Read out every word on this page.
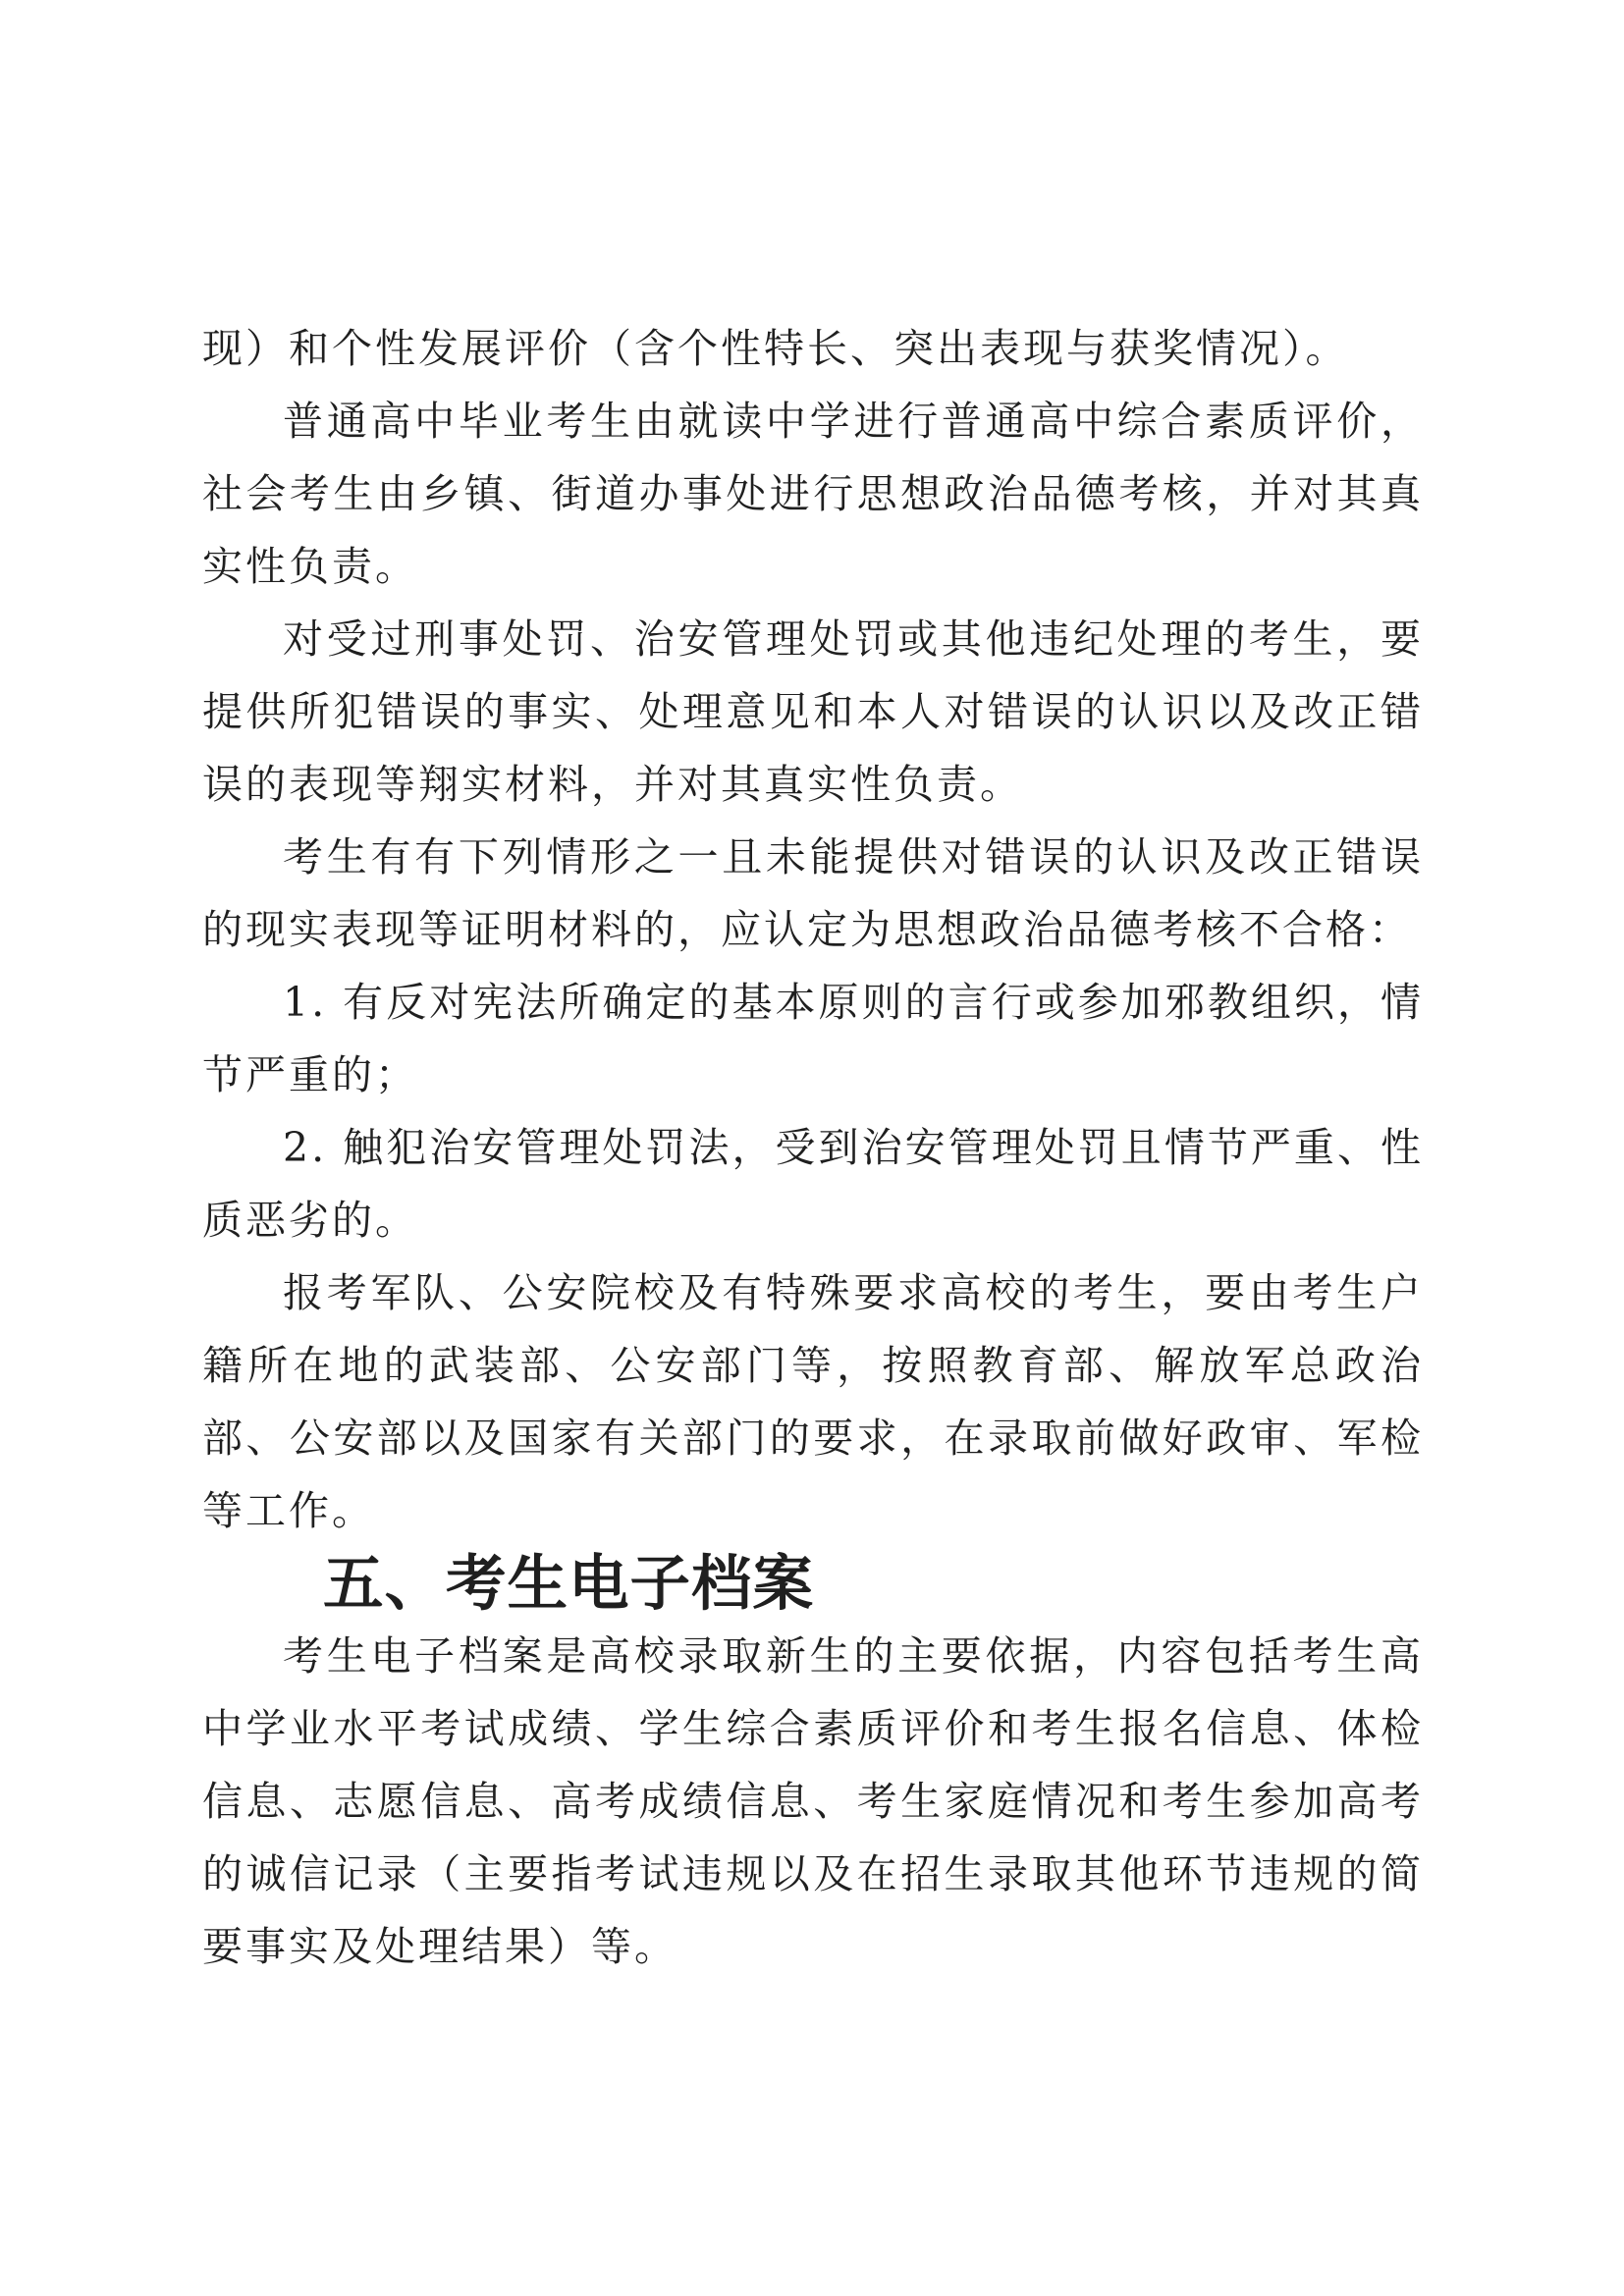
现）和个性发展评价（含个性特长、突出表现与获奖情况）。

普通高中毕业考生由就读中学进行普通高中综合素质评价，社会考生由乡镇、街道办事处进行思想政治品德考核，并对其真实性负责。

对受过刑事处罚、治安管理处罚或其他违纪处理的考生，要提供所犯错误的事实、处理意见和本人对错误的认识以及改正错误的表现等翔实材料，并对其真实性负责。

考生有有下列情形之一且未能提供对错误的认识及改正错误的现实表现等证明材料的，应认定为思想政治品德考核不合格：

1. 有反对宪法所确定的基本原则的言行或参加邪教组织，情节严重的；

2. 触犯治安管理处罚法，受到治安管理处罚且情节严重、性质恶劣的。

报考军队、公安院校及有特殊要求高校的考生，要由考生户籍所在地的武装部、公安部门等，按照教育部、解放军总政治部、公安部以及国家有关部门的要求，在录取前做好政审、军检等工作。

五、考生电子档案

考生电子档案是高校录取新生的主要依据，内容包括考生高中学业水平考试成绩、学生综合素质评价和考生报名信息、体检信息、志愿信息、高考成绩信息、考生家庭情况和考生参加高考的诚信记录（主要指考试违规以及在招生录取其他环节违规的简要事实及处理结果）等。
